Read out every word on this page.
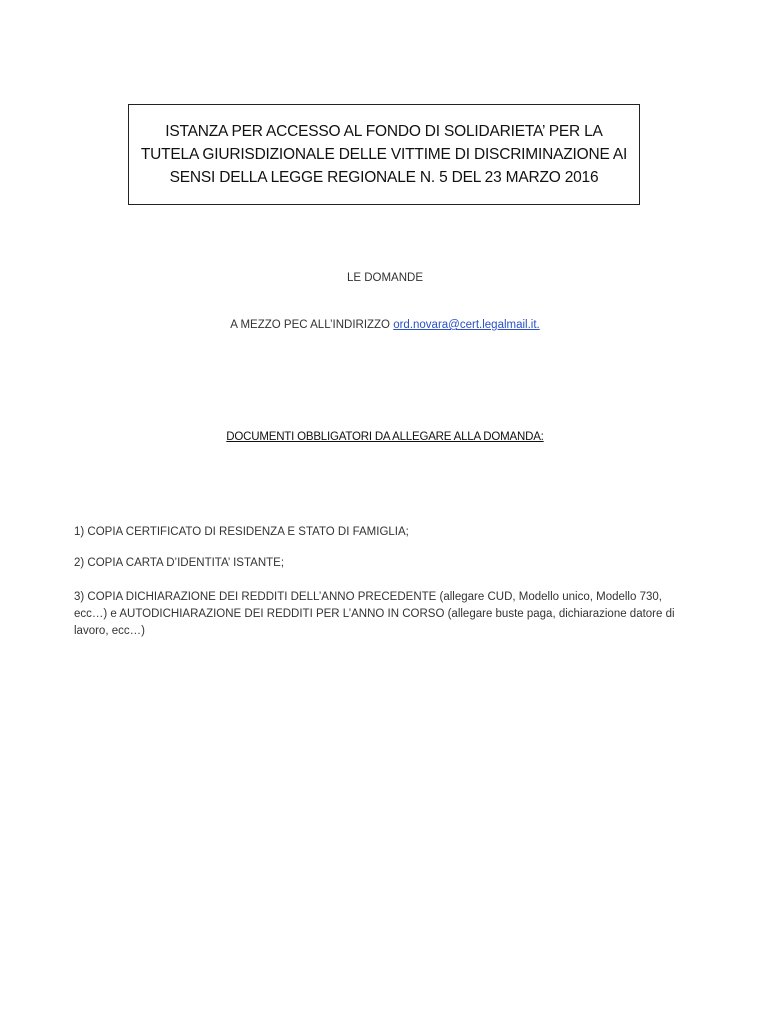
ISTANZA PER ACCESSO AL FONDO DI SOLIDARIETA’ PER LA
TUTELA GIURISDIZIONALE DELLE VITTIME DI DISCRIMINAZIONE AI
SENSI DELLA LEGGE REGIONALE N. 5 DEL 23 MARZO 2016
LE DOMANDE
A MEZZO PEC ALL’INDIRIZZO ord.novara@cert.legalmail.it.
DOCUMENTI OBBLIGATORI DA ALLEGARE ALLA DOMANDA:
1) COPIA CERTIFICATO DI RESIDENZA E STATO DI FAMIGLIA;
2) COPIA CARTA D’IDENTITA’ ISTANTE;
3) COPIA DICHIARAZIONE DEI REDDITI DELL’ANNO PRECEDENTE (allegare CUD, Modello unico, Modello 730, ecc…) e AUTODICHIARAZIONE DEI REDDITI PER L’ANNO IN CORSO (allegare buste paga, dichiarazione datore di lavoro, ecc…)
